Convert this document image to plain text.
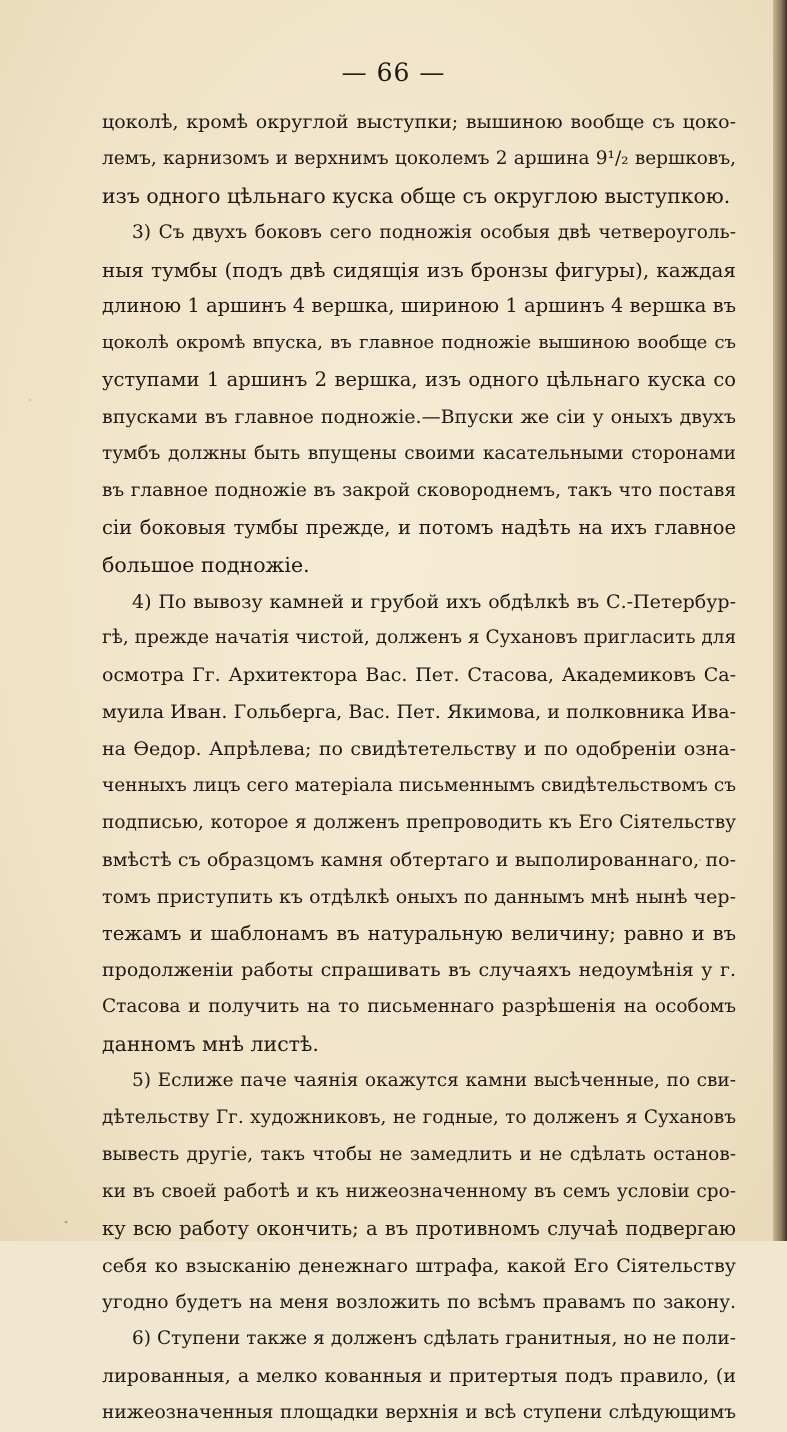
— 66 —
цоколѣ, кромѣ округлой выступки; вышиною вообще съ цоко-
лемъ, карнизомъ и верхнимъ цоколемъ 2 аршина 9¹/₂ вершковъ,
изъ одного цѣльнаго куска обще съ округлою выступкою.
3) Съ двухъ боковъ сего подножія особыя двѣ четвероуголь-
ныя тумбы (подъ двѣ сидящія изъ бронзы фигуры), каждая
длиною 1 аршинъ 4 вершка, шириною 1 аршинъ 4 вершка въ
цоколѣ окромѣ впуска, въ главное подножіе вышиною вообще съ
уступами 1 аршинъ 2 вершка, изъ одного цѣльнаго куска со
впусками въ главное подножіе.—Впуски же сіи у оныхъ двухъ
тумбъ должны быть впущены своими касательными сторонами
въ главное подножіе въ закрой сковороднемъ, такъ что поставя
сіи боковыя тумбы прежде, и потомъ надѣть на ихъ главное
большое подножіе.
4) По вывозу камней и грубой ихъ обдѣлкѣ въ С.-Петербур-
гѣ, прежде начатія чистой, долженъ я Сухановъ пригласить для
осмотра Гг. Архитектора Вас. Пет. Стасова, Академиковъ Са-
муила Иван. Гольберга, Вас. Пет. Якимова, и полковника Ива-
на Ѳедор. Апрѣлева; по свидѣтетельству и по одобреніи озна-
ченныхъ лицъ сего матеріала письменнымъ свидѣтельствомъ съ
подписью, которое я долженъ препроводить къ Его Сіятельству
вмѣстѣ съ образцомъ камня обтертаго и выполированнаго, по-
томъ приступить къ отдѣлкѣ оныхъ по даннымъ мнѣ нынѣ чер-
тежамъ и шаблонамъ въ натуральную величину; равно и въ
продолженіи работы спрашивать въ случаяхъ недоумѣнія у г.
Стасова и получить на то письменнаго разрѣшенія на особомъ
данномъ мнѣ листѣ.
5) Еслиже паче чаянія окажутся камни высѣченные, по сви-
дѣтельству Гг. художниковъ, не годные, то долженъ я Сухановъ
вывесть другіе, такъ чтобы не замедлить и не сдѣлать останов-
ки въ своей работѣ и къ нижеозначенному въ семъ условіи сро-
ку всю работу окончить; а въ противномъ случаѣ подвергаю
себя ко взысканію денежнаго штрафа, какой Его Сіятельству
угодно будетъ на меня возложить по всѣмъ правамъ по закону.
6) Ступени также я долженъ сдѣлать гранитныя, но не поли-
лированныя, а мелко кованныя и притертыя подъ правило, (и
нижеозначенныя площадки верхнія и всѣ ступени слѣдующимъ
